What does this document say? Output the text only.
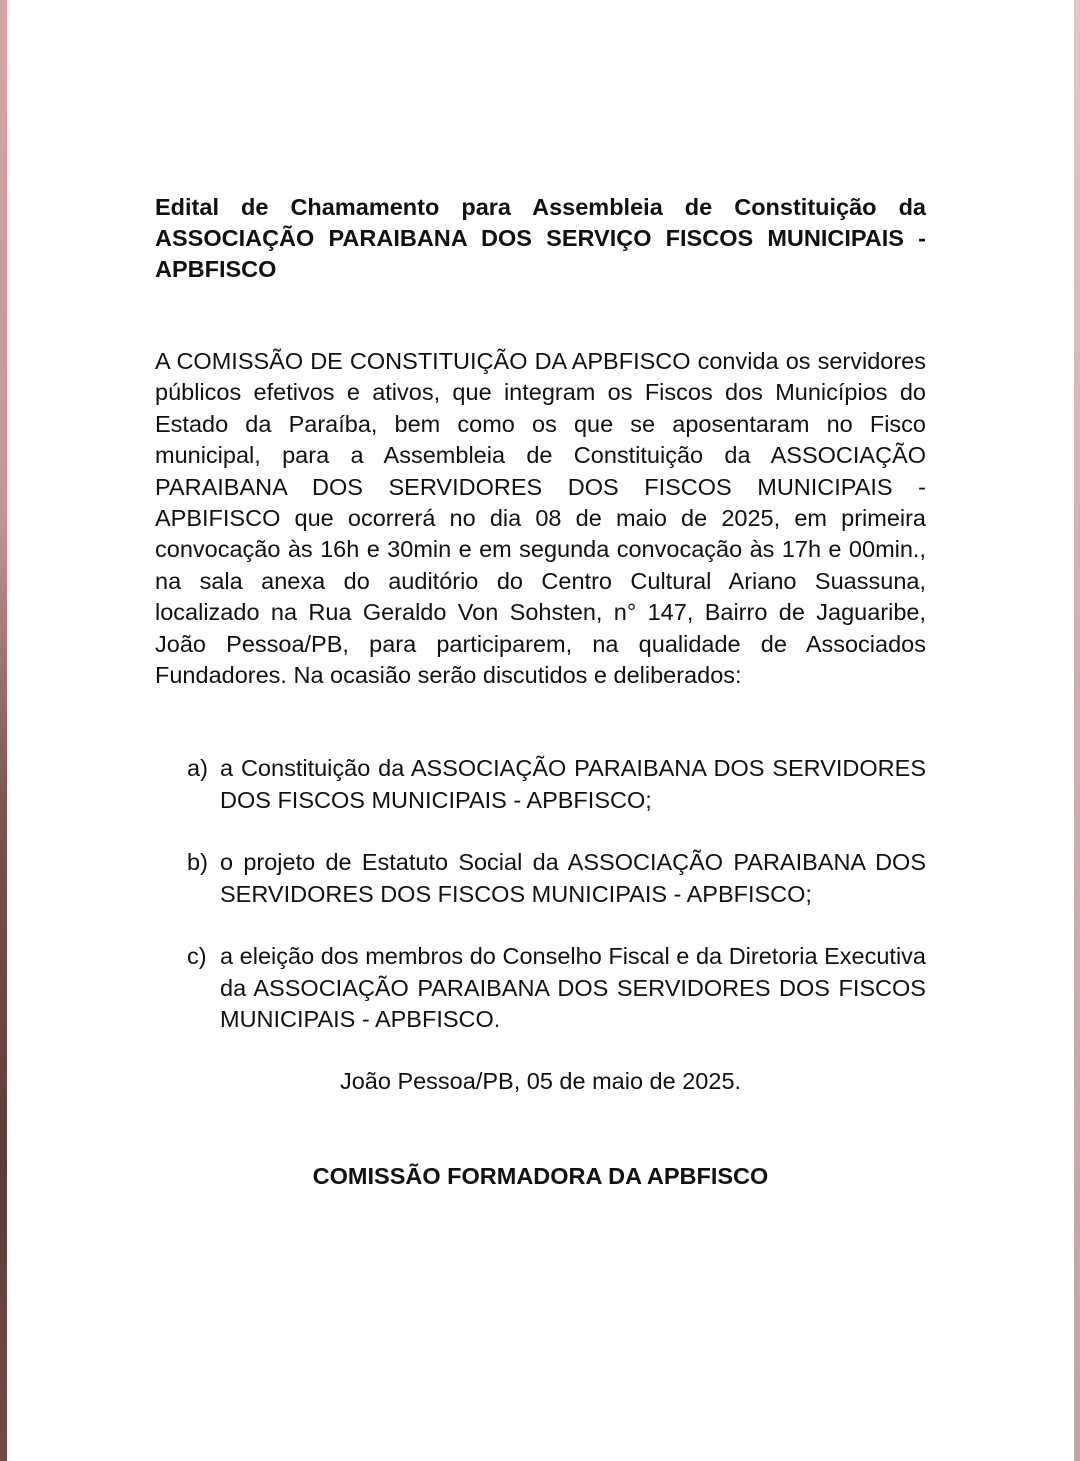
Edital de Chamamento para Assembleia de Constituição da ASSOCIAÇÃO PARAIBANA DOS SERVIÇO FISCOS MUNICIPAIS - APBFISCO

A COMISSÃO DE CONSTITUIÇÃO DA APBFISCO convida os servidores públicos efetivos e ativos, que integram os Fiscos dos Municípios do Estado da Paraíba, bem como os que se aposentaram no Fisco municipal, para a Assembleia de Constituição da ASSOCIAÇÃO PARAIBANA DOS SERVIDORES DOS FISCOS MUNICIPAIS - APBIFISCO que ocorrerá no dia 08 de maio de 2025, em primeira convocação às 16h e 30min e em segunda convocação às 17h e 00min., na sala anexa do auditório do Centro Cultural Ariano Suassuna, localizado na Rua Geraldo Von Sohsten, n° 147, Bairro de Jaguaribe, João Pessoa/PB, para participarem, na qualidade de Associados Fundadores. Na ocasião serão discutidos e deliberados:

a) a Constituição da ASSOCIAÇÃO PARAIBANA DOS SERVIDORES DOS FISCOS MUNICIPAIS - APBFISCO;
b) o projeto de Estatuto Social da ASSOCIAÇÃO PARAIBANA DOS SERVIDORES DOS FISCOS MUNICIPAIS - APBFISCO;
c) a eleição dos membros do Conselho Fiscal e da Diretoria Executiva da ASSOCIAÇÃO PARAIBANA DOS SERVIDORES DOS FISCOS MUNICIPAIS - APBFISCO.

João Pessoa/PB, 05 de maio de 2025.

COMISSÃO FORMADORA DA APBFISCO
